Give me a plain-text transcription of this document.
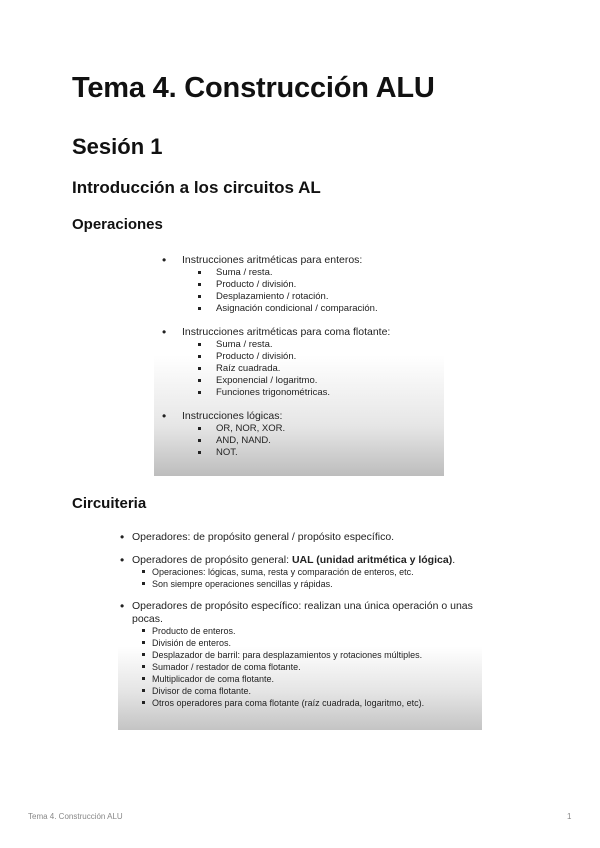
Tema 4. Construcción ALU
Sesión 1
Introducción a los circuitos AL
Operaciones
• Instrucciones aritméticas para enteros:
Suma / resta.
Producto / división.
Desplazamiento / rotación.
Asignación condicional / comparación.
• Instrucciones aritméticas para coma flotante:
Suma / resta.
Producto / división.
Raíz cuadrada.
Exponencial / logaritmo.
Funciones trigonométricas.
• Instrucciones lógicas:
OR, NOR, XOR.
AND, NAND.
NOT.
Circuiteria
• Operadores: de propósito general / propósito específico.
• Operadores de propósito general: UAL (unidad aritmética y lógica).
Operaciones: lógicas, suma, resta y comparación de enteros, etc.
Son siempre operaciones sencillas y rápidas.
• Operadores de propósito específico: realizan una única operación o unas pocas.
Producto de enteros.
División de enteros.
Desplazador de barril: para desplazamientos y rotaciones múltiples.
Sumador / restador de coma flotante.
Multiplicador de coma flotante.
Divisor de coma flotante.
Otros operadores para coma flotante (raíz cuadrada, logaritmo, etc).
Tema 4. Construcción ALU	1
